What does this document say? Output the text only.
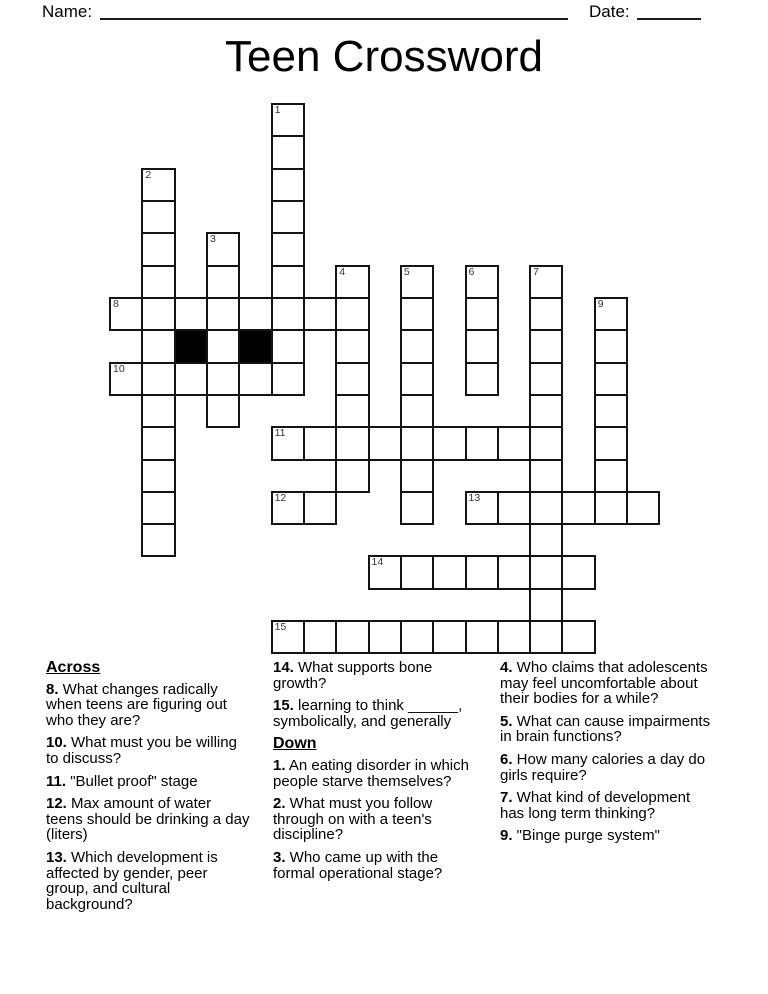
Name:	Date:
Teen Crossword
1
2
3
4	5	6	7
8	9
10
11
12	13
14
15
Across
8. What changes radically when teens are figuring out who they are?
10. What must you be willing to discuss?
11. "Bullet proof" stage
12. Max amount of water teens should be drinking a day (liters)
13. Which development is affected by gender, peer group, and cultural background?
14. What supports bone growth?
15. learning to think ______, symbolically, and generally
Down
1. An eating disorder in which people starve themselves?
2. What must you follow through on with a teen's discipline?
3. Who came up with the formal operational stage?
4. Who claims that adolescents may feel uncomfortable about their bodies for a while?
5. What can cause impairments in brain functions?
6. How many calories a day do girls require?
7. What kind of development has long term thinking?
9. "Binge purge system"
